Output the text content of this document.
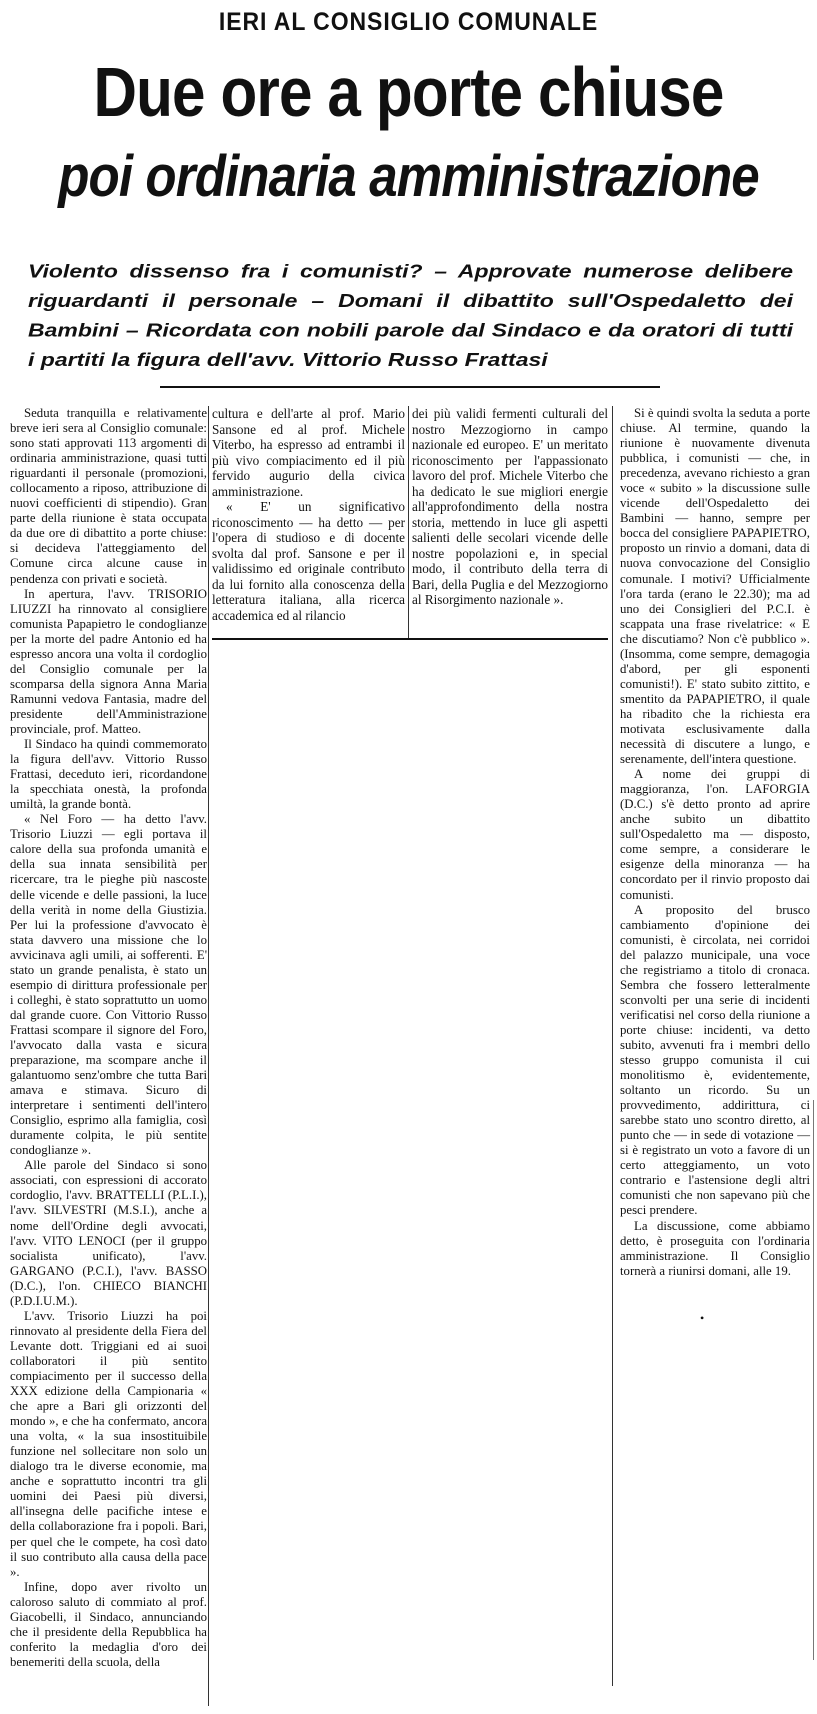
IERI AL CONSIGLIO COMUNALE
Due ore a porte chiuse
poi ordinaria amministrazione
Violento dissenso fra i comunisti? – Approvate numerose delibere riguardanti il personale – Domani il dibattito sull'Ospedaletto dei Bambini – Ricordata con nobili parole dal Sindaco e da oratori di tutti i partiti la figura dell'avv. Vittorio Russo Frattasi

Seduta tranquilla e relativamente breve ieri sera al Consiglio comunale: sono stati approvati 113 argomenti di ordinaria amministrazione, quasi tutti riguardanti il personale (promozioni, collocamento a riposo, attribuzione di nuovi coefficienti di stipendio). Gran parte della riunione è stata occupata da due ore di dibattito a porte chiuse: si decideva l'atteggiamento del Comune circa alcune cause in pendenza con privati e società.

In apertura, l'avv. TRISORIO LIUZZI ha rinnovato al consigliere comunista Papapietro le condoglianze per la morte del padre Antonio ed ha espresso ancora una volta il cordoglio del Consiglio comunale per la scomparsa della signora Anna Maria Ramunni vedova Fantasia, madre del presidente dell'Amministrazione provinciale, prof. Matteo.

Il Sindaco ha quindi commemorato la figura dell'avv. Vittorio Russo Frattasi, deceduto ieri, ricordandone la specchiata onestà, la profonda umiltà, la grande bontà.

« Nel Foro — ha detto l'avv. Trisorio Liuzzi — egli portava il calore della sua profonda umanità e della sua innata sensibilità per ricercare, tra le pieghe più nascoste delle vicende e delle passioni, la luce della verità in nome della Giustizia. Per lui la professione d'avvocato è stata davvero una missione che lo avvicinava agli umili, ai sofferenti. E' stato un grande penalista, è stato un esempio di dirittura professionale per i colleghi, è stato soprattutto un uomo dal grande cuore. Con Vittorio Russo Frattasi scompare il signore del Foro, l'avvocato dalla vasta e sicura preparazione, ma scompare anche il galantuomo senz'ombre che tutta Bari amava e stimava. Sicuro di interpretare i sentimenti dell'intero Consiglio, esprimo alla famiglia, così duramente colpita, le più sentite condoglianze ».

Alle parole del Sindaco si sono associati, con espressioni di accorato cordoglio, l'avv. BRATTELLI (P.L.I.), l'avv. SILVESTRI (M.S.I.), anche a nome dell'Ordine degli avvocati, l'avv. VITO LENOCI (per il gruppo socialista unificato), l'avv. GARGANO (P.C.I.), l'avv. BASSO (D.C.), l'on. CHIECO BIANCHI (P.D.I.U.M.).

L'avv. Trisorio Liuzzi ha poi rinnovato al presidente della Fiera del Levante dott. Triggiani ed ai suoi collaboratori il più sentito compiacimento per il successo della XXX edizione della Campionaria « che apre a Bari gli orizzonti del mondo », e che ha confermato, ancora una volta, « la sua insostituibile funzione nel sollecitare non solo un dialogo tra le diverse economie, ma anche e soprattutto incontri tra gli uomini dei Paesi più diversi, all'insegna delle pacifiche intese e della collaborazione fra i popoli. Bari, per quel che le compete, ha così dato il suo contributo alla causa della pace ».

Infine, dopo aver rivolto un caloroso saluto di commiato al prof. Giacobelli, il Sindaco, annunciando che il presidente della Repubblica ha conferito la medaglia d'oro dei benemeriti della scuola, della

cultura e dell'arte al prof. Mario Sansone ed al prof. Michele Viterbo, ha espresso ad entrambi il più vivo compiacimento ed il più fervido augurio della civica amministrazione.

« E' un significativo riconoscimento — ha detto — per l'opera di studioso e di docente svolta dal prof. Sansone e per il validissimo ed originale contributo da lui fornito alla conoscenza della letteratura italiana, alla ricerca accademica ed al rilancio

dei più validi fermenti culturali del nostro Mezzogiorno in campo nazionale ed europeo. E' un meritato riconoscimento per l'appassionato lavoro del prof. Michele Viterbo che ha dedicato le sue migliori energie all'approfondimento della nostra storia, mettendo in luce gli aspetti salienti delle secolari vicende delle nostre popolazioni e, in special modo, il contributo della terra di Bari, della Puglia e del Mezzogiorno al Risorgimento nazionale ».

Si è quindi svolta la seduta a porte chiuse. Al termine, quando la riunione è nuovamente divenuta pubblica, i comunisti — che, in precedenza, avevano richiesto a gran voce « subito » la discussione sulle vicende dell'Ospedaletto dei Bambini — hanno, sempre per bocca del consigliere PAPAPIETRO, proposto un rinvio a domani, data di nuova convocazione del Consiglio comunale. I motivi? Ufficialmente l'ora tarda (erano le 22.30); ma ad uno dei Consiglieri del P.C.I. è scappata una frase rivelatrice: « E che discutiamo? Non c'è pubblico ». (Insomma, come sempre, demagogia d'abord, per gli esponenti comunisti!). E' stato subito zittito, e smentito da PAPAPIETRO, il quale ha ribadito che la richiesta era motivata esclusivamente dalla necessità di discutere a lungo, e serenamente, dell'intera questione.

A nome dei gruppi di maggioranza, l'on. LAFORGIA (D.C.) s'è detto pronto ad aprire anche subito un dibattito sull'Ospedaletto ma — disposto, come sempre, a considerare le esigenze della minoranza — ha concordato per il rinvio proposto dai comunisti.

A proposito del brusco cambiamento d'opinione dei comunisti, è circolata, nei corridoi del palazzo municipale, una voce che registriamo a titolo di cronaca. Sembra che fossero letteralmente sconvolti per una serie di incidenti verificatisi nel corso della riunione a porte chiuse: incidenti, va detto subito, avvenuti fra i membri dello stesso gruppo comunista il cui monolitismo è, evidentemente, soltanto un ricordo. Su un provvedimento, addirittura, ci sarebbe stato uno scontro diretto, al punto che — in sede di votazione — si è registrato un voto a favore di un certo atteggiamento, un voto contrario e l'astensione degli altri comunisti che non sapevano più che pesci prendere.

La discussione, come abbiamo detto, è proseguita con l'ordinaria amministrazione. Il Consiglio tornerà a riunirsi domani, alle 19.

•
